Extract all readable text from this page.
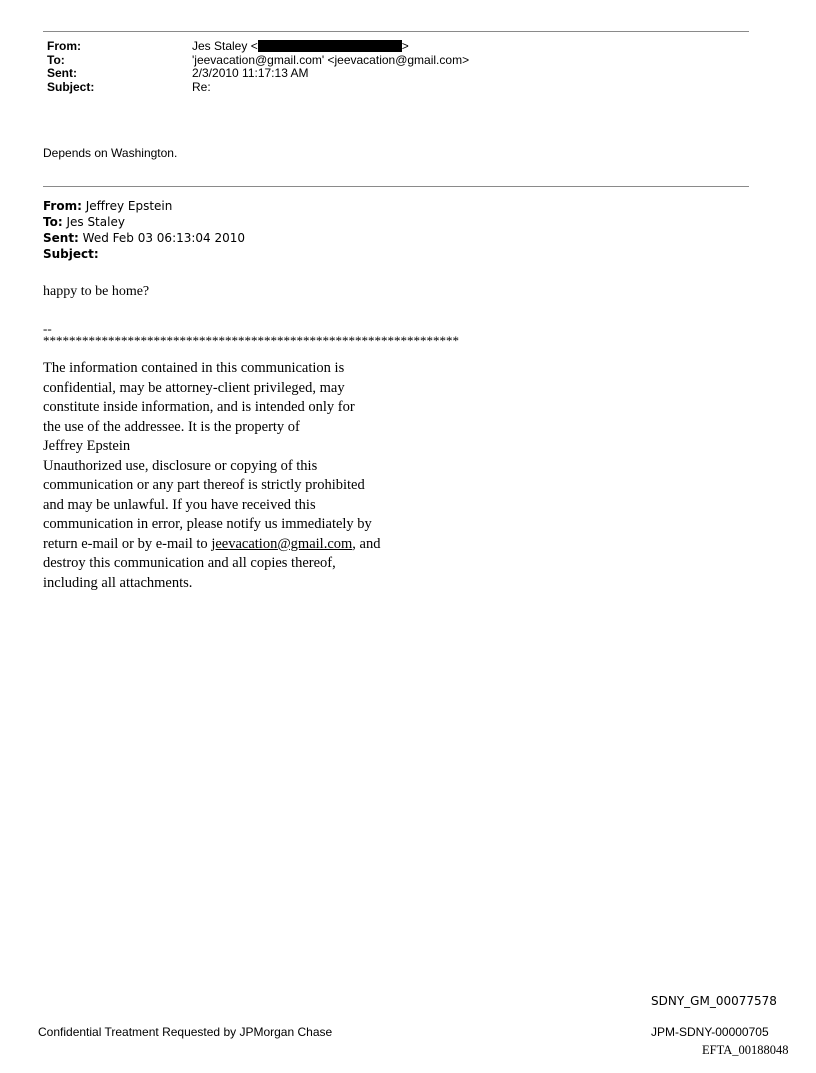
From:	Jes Staley <	>
To:	'jeevacation@gmail.com' <jeevacation@gmail.com>
Sent:	2/3/2010 11:17:13 AM
Subject:	Re:
Depends on Washington.
From: Jeffrey Epstein
To: Jes Staley
Sent: Wed Feb 03 06:13:04 2010
Subject:
happy to be home?
--
****************************************************************
The information contained in this communication is
confidential, may be attorney-client privileged, may
constitute inside information, and is intended only for
the use of the addressee. It is the property of
Jeffrey Epstein
Unauthorized use, disclosure or copying of this
communication or any part thereof is strictly prohibited
and may be unlawful. If you have received this
communication in error, please notify us immediately by
return e-mail or by e-mail to jeevacation@gmail.com, and
destroy this communication and all copies thereof,
including all attachments.
SDNY_GM_00077578
Confidential Treatment Requested by JPMorgan Chase	JPM-SDNY-00000705
EFTA_00188048
